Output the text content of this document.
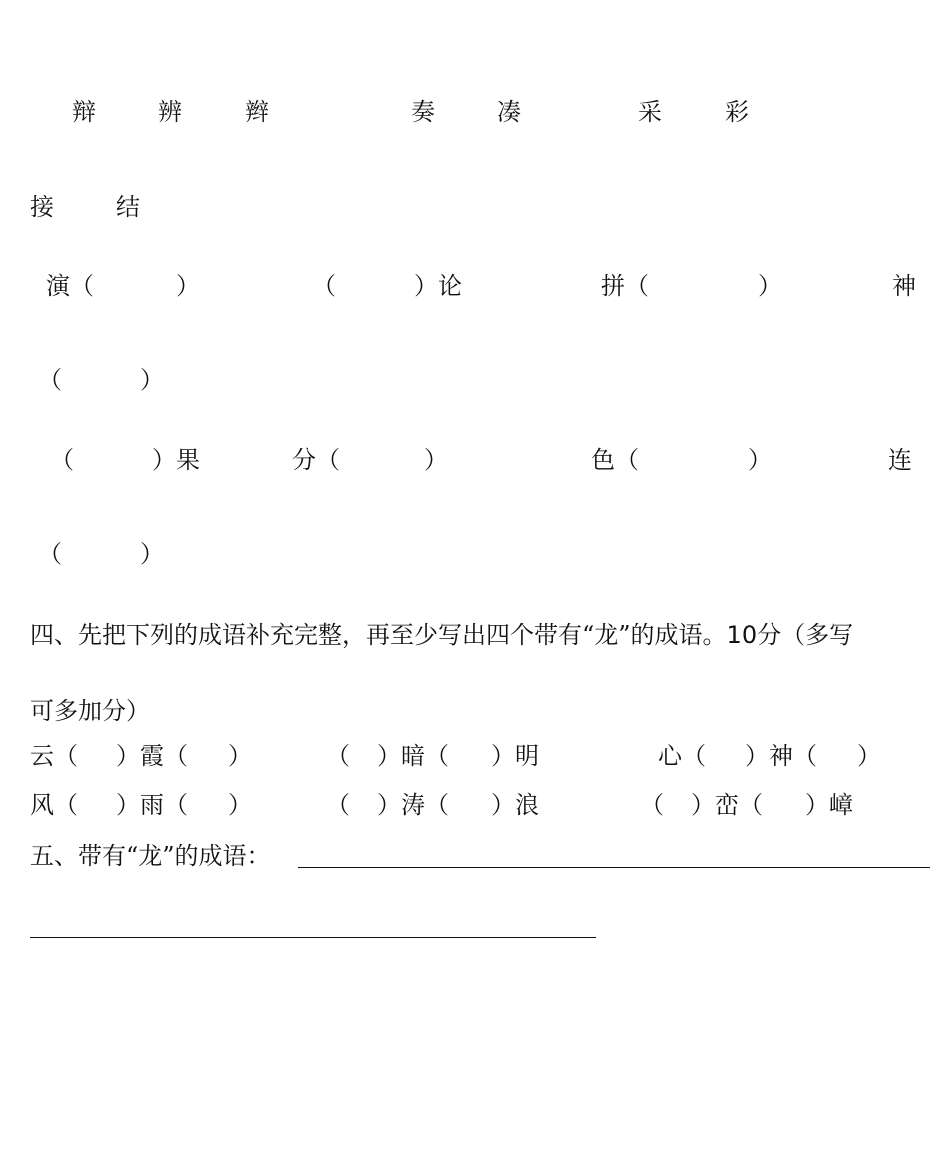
辩	辨	辫	奏	凑	采	彩
接	结
演（	）	（	）论	拼（	）	神
（	）
（	）果	分（	）	色（	）	连
（	）
四、先把下列的成语补充完整，再至少写出四个带有“龙”的成语。10分（多写
可多加分）
云（ ）霞（ ）	（ ）暗（ ）明	心（ ）神（ ）
风（ ）雨（ ）	（ ）涛（ ）浪	（ ）峦（ ）嶂
五、带有“龙”的成语：
